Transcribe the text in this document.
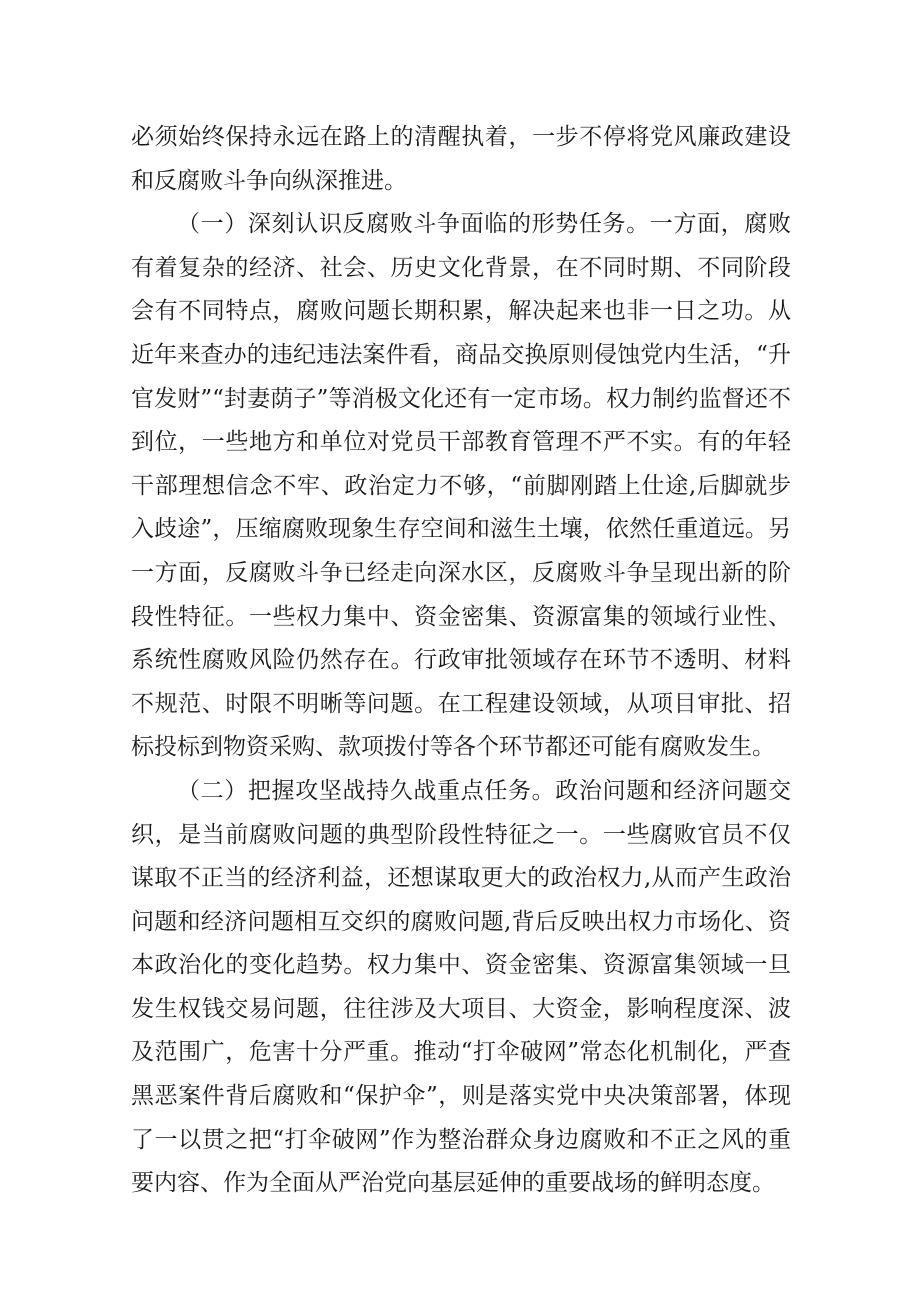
必须始终保持永远在路上的清醒执着，一步不停将党风廉政建设和反腐败斗争向纵深推进。

（一）深刻认识反腐败斗争面临的形势任务。一方面，腐败有着复杂的经济、社会、历史文化背景，在不同时期、不同阶段会有不同特点，腐败问题长期积累，解决起来也非一日之功。从近年来查办的违纪违法案件看，商品交换原则侵蚀党内生活，“升官发财”“封妻荫子”等消极文化还有一定市场。权力制约监督还不到位，一些地方和单位对党员干部教育管理不严不实。有的年轻干部理想信念不牢、政治定力不够，“前脚刚踏上仕途,后脚就步入歧途”，压缩腐败现象生存空间和滋生土壤，依然任重道远。另一方面，反腐败斗争已经走向深水区，反腐败斗争呈现出新的阶段性特征。一些权力集中、资金密集、资源富集的领域行业性、系统性腐败风险仍然存在。行政审批领域存在环节不透明、材料不规范、时限不明晰等问题。在工程建设领域，从项目审批、招标投标到物资采购、款项拨付等各个环节都还可能有腐败发生。

（二）把握攻坚战持久战重点任务。政治问题和经济问题交织，是当前腐败问题的典型阶段性特征之一。一些腐败官员不仅谋取不正当的经济利益，还想谋取更大的政治权力,从而产生政治问题和经济问题相互交织的腐败问题,背后反映出权力市场化、资本政治化的变化趋势。权力集中、资金密集、资源富集领域一旦发生权钱交易问题，往往涉及大项目、大资金，影响程度深、波及范围广，危害十分严重。推动“打伞破网”常态化机制化，严查黑恶案件背后腐败和“保护伞”，则是落实党中央决策部署，体现了一以贯之把“打伞破网”作为整治群众身边腐败和不正之风的重要内容、作为全面从严治党向基层延伸的重要战场的鲜明态度。
